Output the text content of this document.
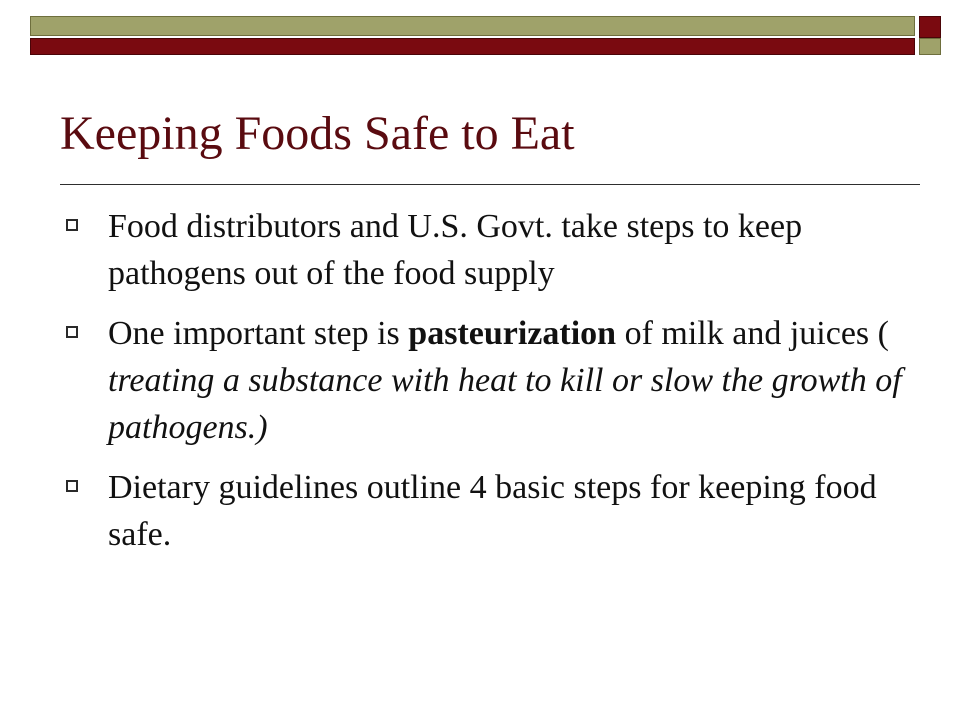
Keeping Foods Safe to Eat
Food distributors and U.S. Govt. take steps to keep pathogens out of the food supply
One important step is pasteurization of milk and juices ( treating a substance with heat to kill or slow the growth of pathogens.)
Dietary guidelines outline 4 basic steps for keeping food safe.
